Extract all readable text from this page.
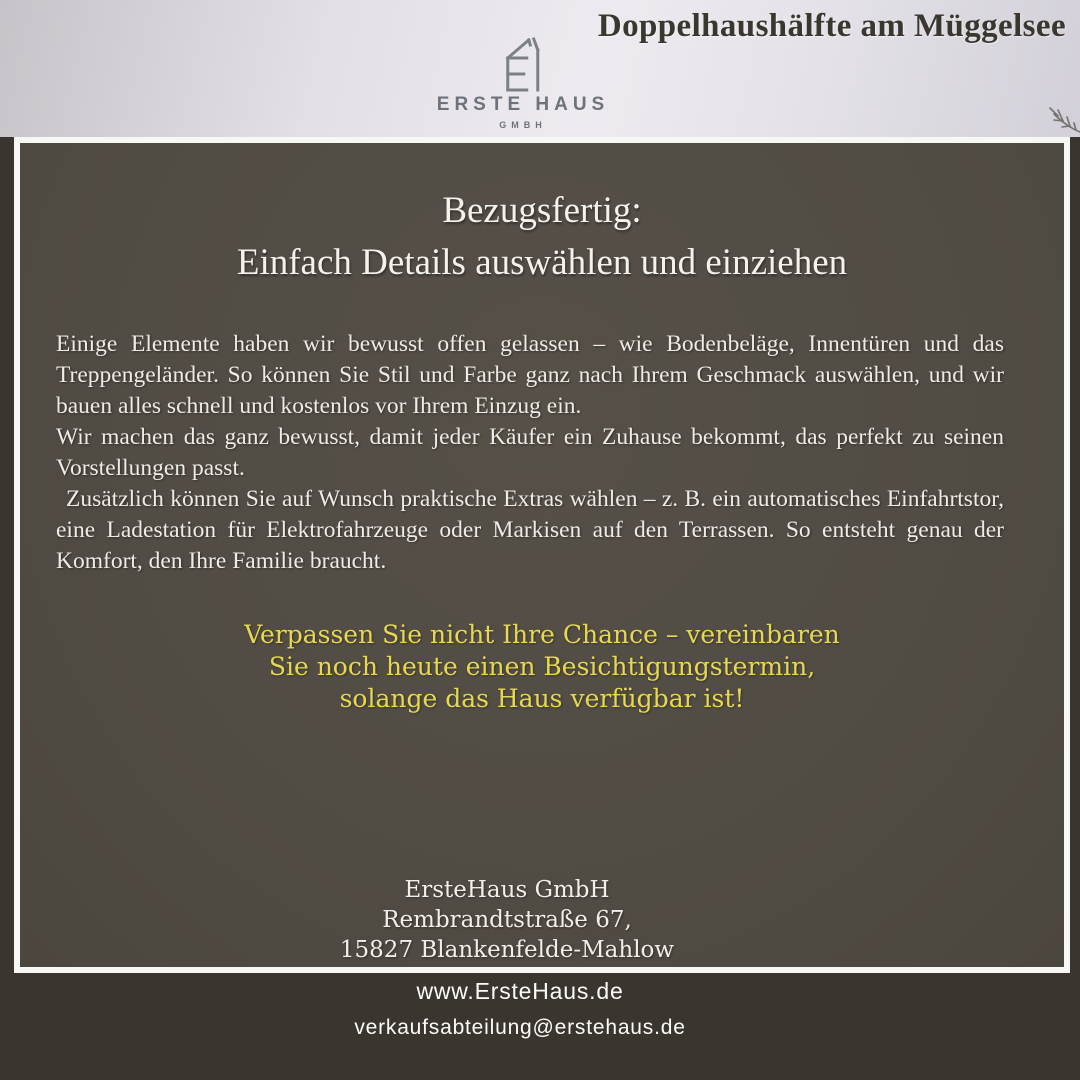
ERSTE HAUS
GMBH
Doppelhaushälfte am Müggelsee
Bezugsfertig:
Einfach Details auswählen und einziehen

Einige Elemente haben wir bewusst offen gelassen – wie Bodenbeläge, Innentüren und das Treppengeländer. So können Sie Stil und Farbe ganz nach Ihrem Geschmack auswählen, und wir bauen alles schnell und kostenlos vor Ihrem Einzug ein.

Wir machen das ganz bewusst, damit jeder Käufer ein Zuhause bekommt, das perfekt zu seinen Vorstellungen passt.

Zusätzlich können Sie auf Wunsch praktische Extras wählen – z. B. ein automatisches Einfahrtstor, eine Ladestation für Elektrofahrzeuge oder Markisen auf den Terrassen. So entsteht genau der Komfort, den Ihre Familie braucht.

Verpassen Sie nicht Ihre Chance – vereinbaren
Sie noch heute einen Besichtigungstermin,
solange das Haus verfügbar ist!
ErsteHaus GmbH
Rembrandtstraße 67,
15827 Blankenfelde-Mahlow
www.ErsteHaus.de
verkaufsabteilung@erstehaus.de
